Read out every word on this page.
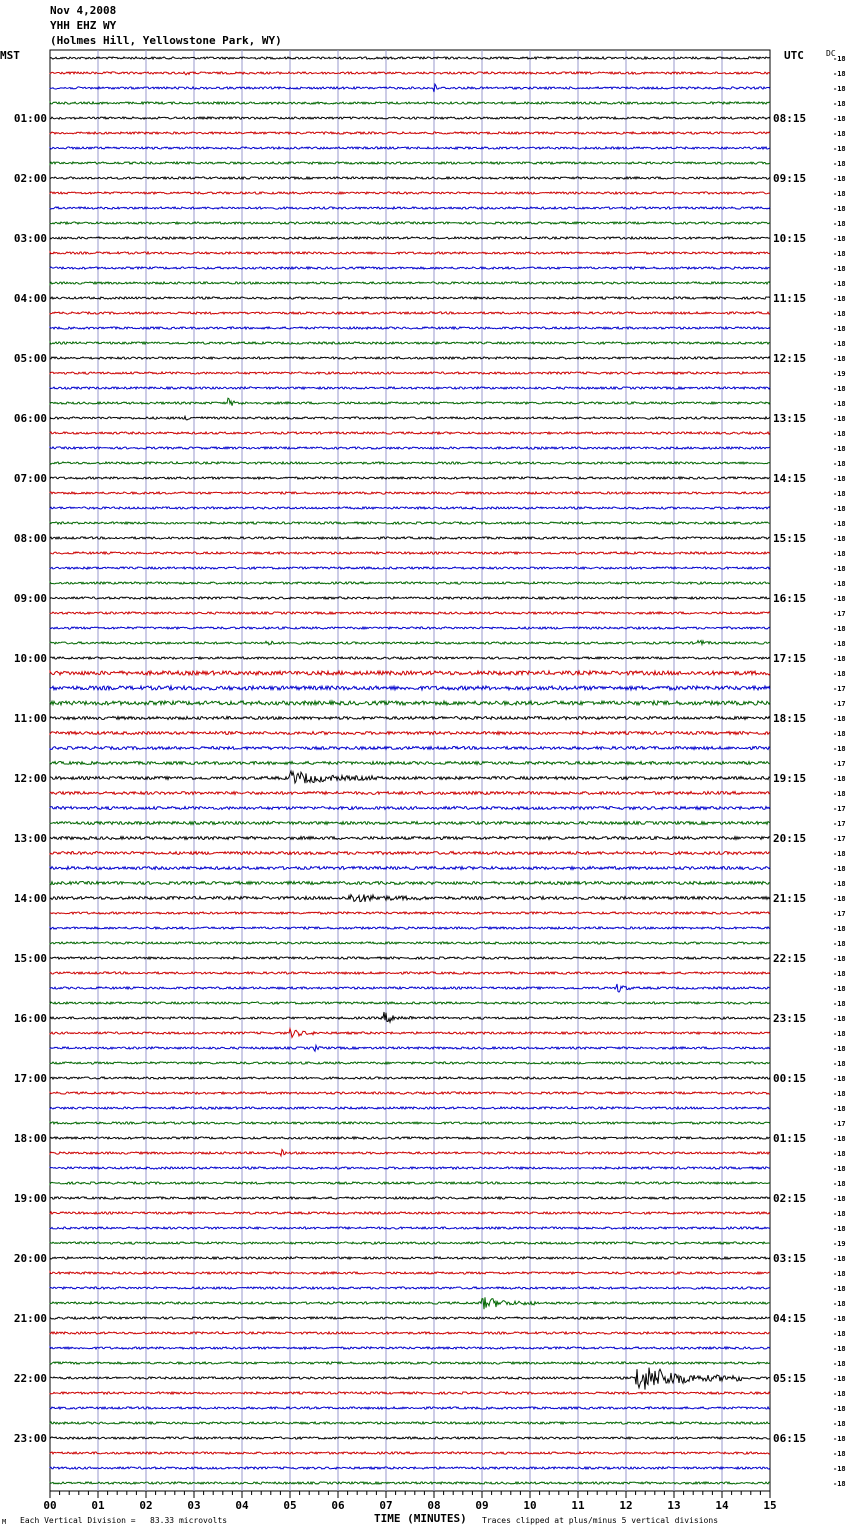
Nov 4,2008
YHH EHZ WY
(Holmes Hill, Yellowstone Park, WY)
MST	UTC	DC
-18
-18
-18
-18
-18
-18
-18
-18
-18
-18
-18
-18
-18
-18
-18
-18
-18
-18
-18
-18
-18
-19
-18
-18
-18
-18
-18
-18
-18
-18
-18
-18
-18
-18
-18
-18
-18
-17
-18
-18
-18
-18
-17
-17
-18
-18
-18
-17
-18
-18
-17
-17
-17
-18
-18
-18
-18
-17
-18
-18
-18
-18
-18
-18
-18
-18
-18
-18
-18
-18
-18
-17
-18
-18
-18
-18
-18
-18
-18
-19
-18
-18
-18
-18
-18
-18
-18
-18
-18
-18
-18
-18
-18
-18
-18
-18
01:00
02:00
03:00
04:00
05:00
06:00
07:00
08:00
09:00
10:00
11:00
12:00
13:00
14:00
15:00
16:00
17:00
18:00
19:00
20:00
21:00
22:00
23:00
08:15
09:15
10:15
11:15
12:15
13:15
14:15
15:15
16:15
17:15
18:15
19:15
20:15
21:15
22:15
23:15
00:15
01:15
02:15
03:15
04:15
05:15
06:15
00	01	02	03	04	05	06	07	08	09	10	11	12	13	14	15
M Each Vertical Division =   83.33 microvolts	TIME (MINUTES) Traces clipped at plus/minus 5 vertical divisions
